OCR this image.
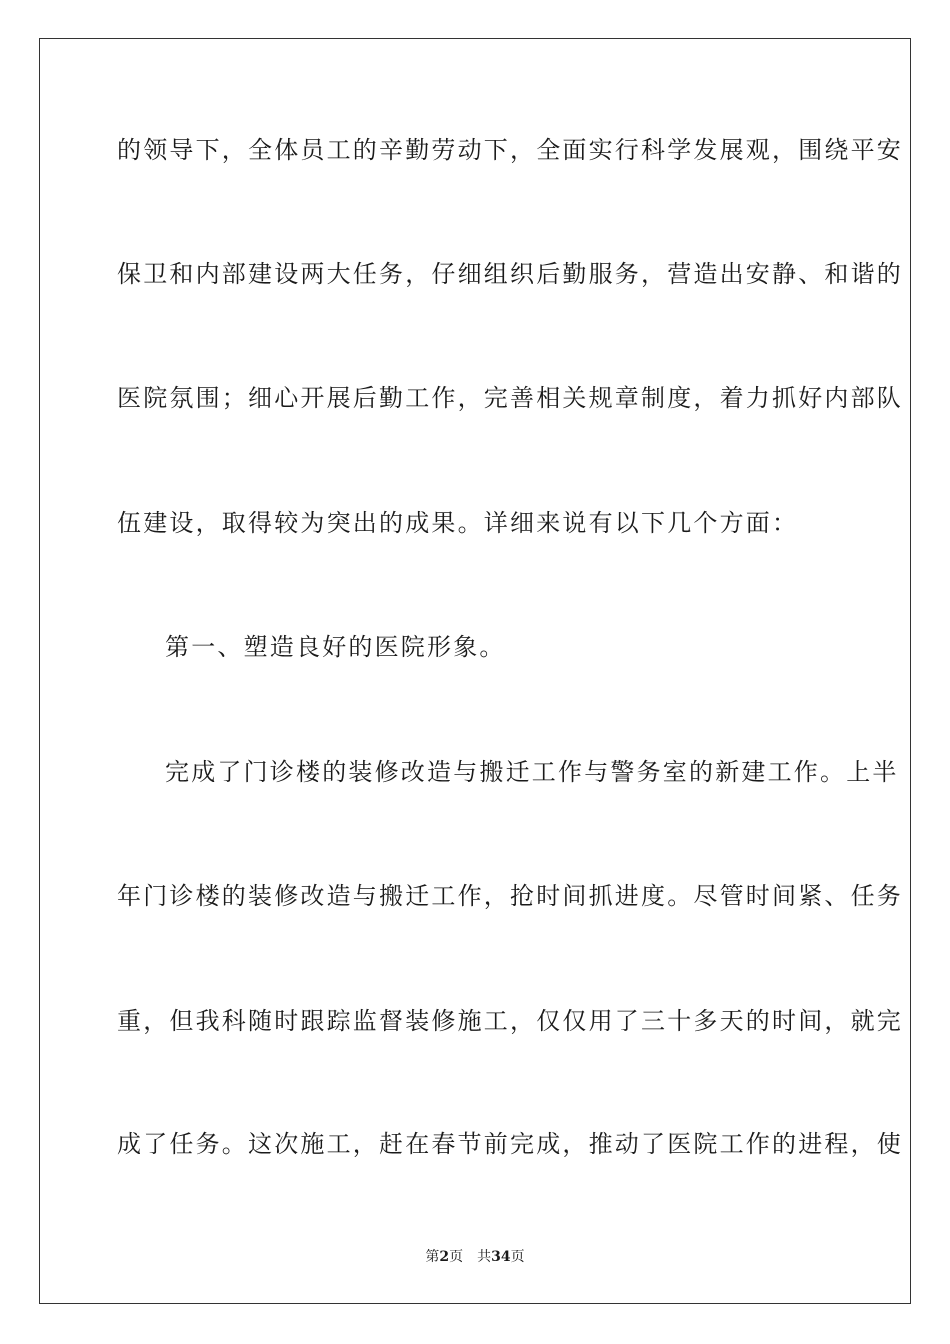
的领导下，全体员工的辛勤劳动下，全面实行科学发展观，围绕平安
保卫和内部建设两大任务，仔细组织后勤服务，营造出安静、和谐的
医院氛围；细心开展后勤工作，完善相关规章制度，着力抓好内部队
伍建设，取得较为突出的成果。详细来说有以下几个方面：
第一、塑造良好的医院形象。
完成了门诊楼的装修改造与搬迁工作与警务室的新建工作。上半
年门诊楼的装修改造与搬迁工作，抢时间抓进度。尽管时间紧、任务
重，但我科随时跟踪监督装修施工，仅仅用了三十多天的时间，就完
成了任务。这次施工，赶在春节前完成，推动了医院工作的进程，使
第2页 共34页
